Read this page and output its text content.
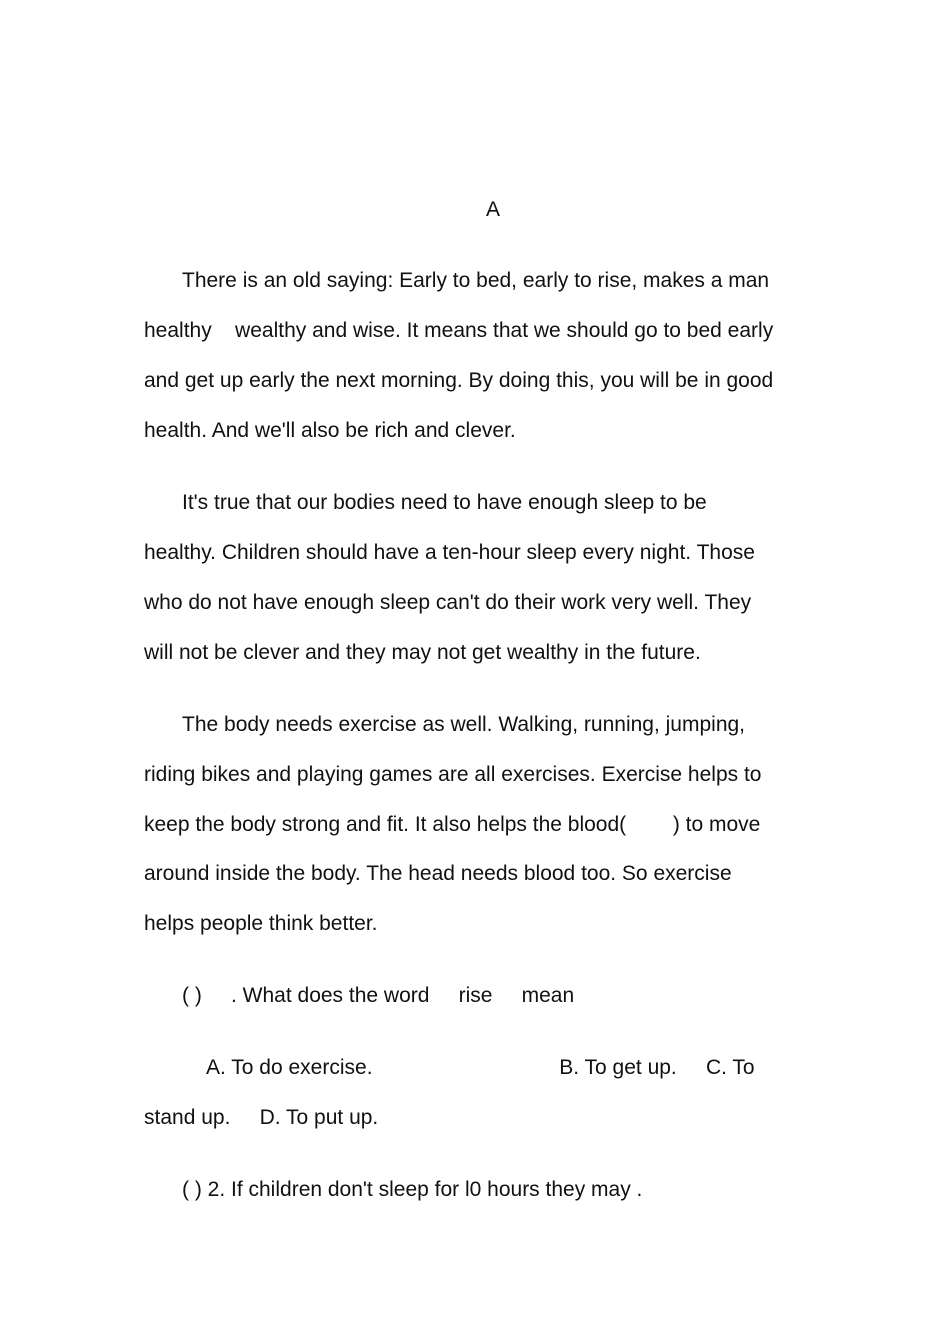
A
There is an old saying: Early to bed, early to rise, makes a man
healthy    wealthy and wise. It means that we should go to bed early
and get up early the next morning. By doing this, you will be in good
health. And we'll also be rich and clever.
It's true that our bodies need to have enough sleep to be
healthy. Children should have a ten-hour sleep every night. Those
who do not have enough sleep can't do their work very well. They
will not be clever and they may not get wealthy in the future.
The body needs exercise as well. Walking, running, jumping,
riding bikes and playing games are all exercises. Exercise helps to
keep the body strong and fit. It also helps the blood(        ) to move
around inside the body. The head needs blood too. So exercise
helps people think better.
( )     . What does the word     rise     mean
A. To do exercise.                                B. To get up.     C. To
stand up.     D. To put up.
( ) 2. If children don't sleep for l0 hours they may .
